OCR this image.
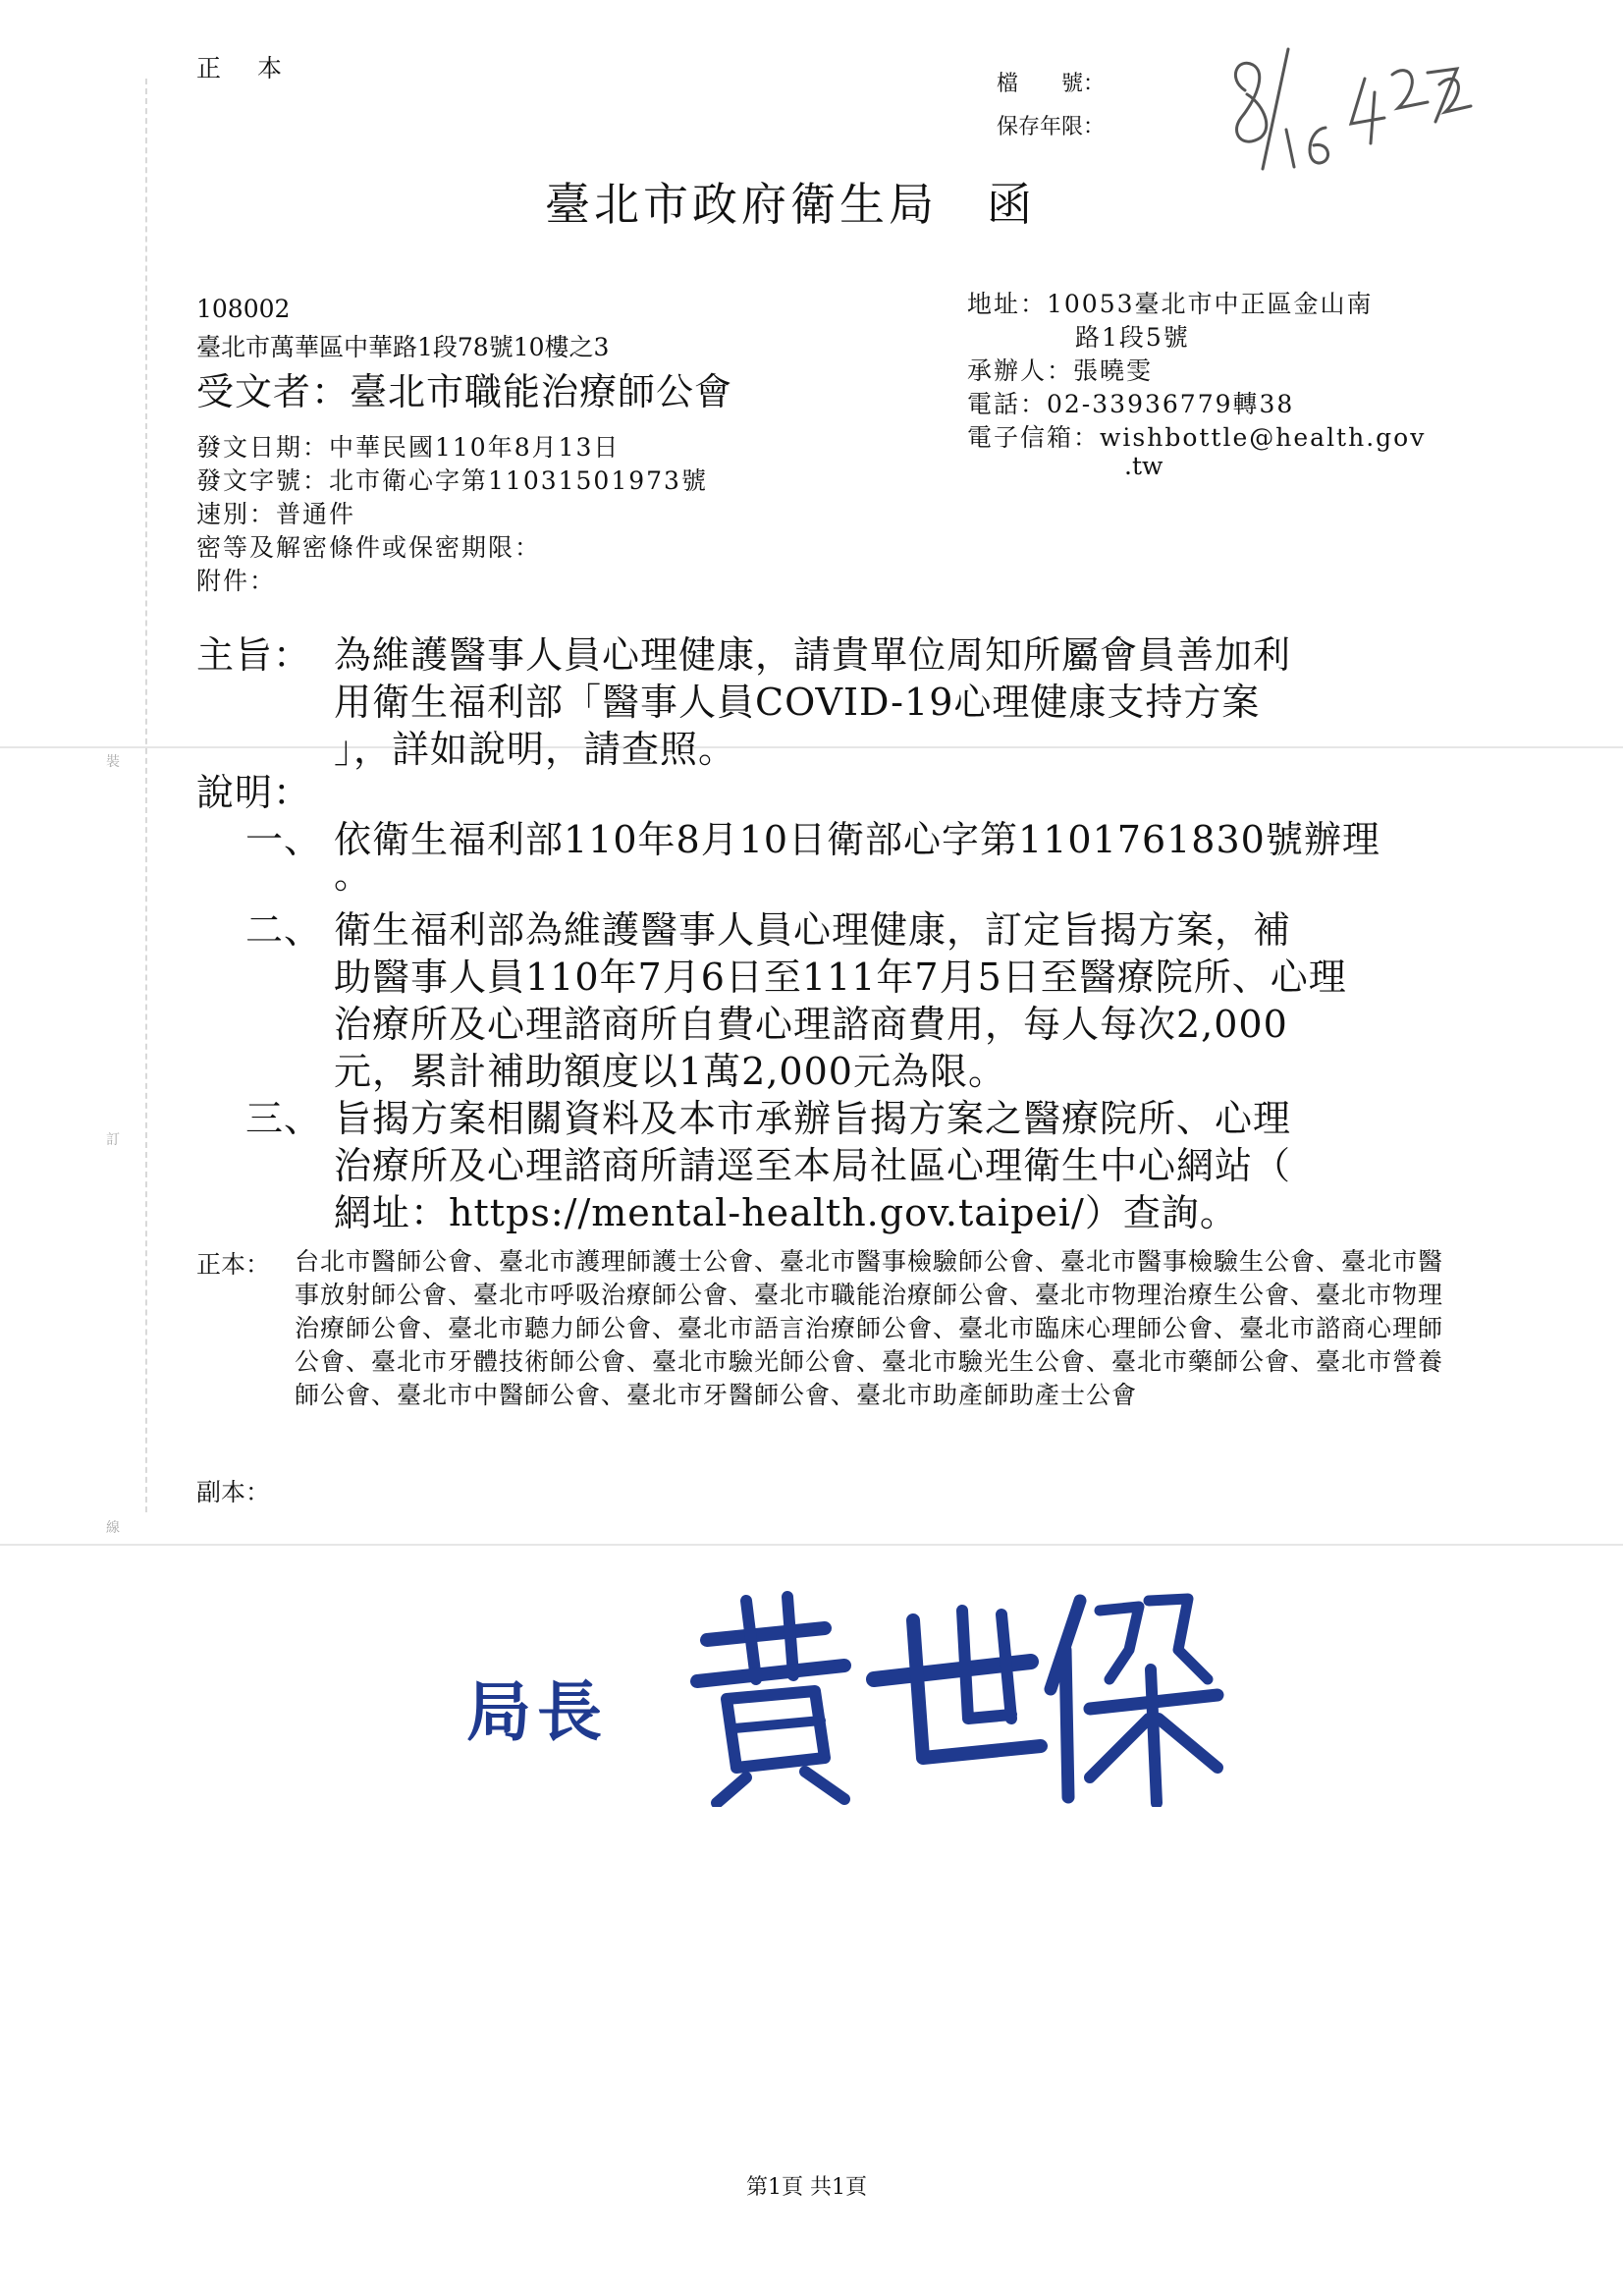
裝
訂
線
正　本
檔　　號：
保存年限：
臺北市政府衛生局　函
108002
臺北市萬華區中華路1段78號10樓之3
受文者：臺北市職能治療師公會
地址：10053臺北市中正區金山南
路1段5號
承辦人：張曉雯
電話：02-33936779轉38
電子信箱：wishbottle@health.gov
.tw
發文日期：中華民國110年8月13日
發文字號：北市衛心字第11031501973號
速別：普通件
密等及解密條件或保密期限：
附件：
主旨： 為維護醫事人員心理健康，請貴單位周知所屬會員善加利
用衛生福利部「醫事人員COVID-19心理健康支持方案
」，詳如說明，請查照。
說明：
一、 依衛生福利部110年8月10日衛部心字第1101761830號辦理
。
二、 衛生福利部為維護醫事人員心理健康，訂定旨揭方案，補
助醫事人員110年7月6日至111年7月5日至醫療院所、心理
治療所及心理諮商所自費心理諮商費用，每人每次2,000
元，累計補助額度以1萬2,000元為限。
三、 旨揭方案相關資料及本市承辦旨揭方案之醫療院所、心理
治療所及心理諮商所請逕至本局社區心理衛生中心網站（
網址：https://mental-health.gov.taipei/）查詢。
正本： 台北市醫師公會、臺北市護理師護士公會、臺北市醫事檢驗師公會、臺北市醫事檢驗生公會、臺北市醫事放射師公會、臺北市呼吸治療師公會、臺北市職能治療師公會、臺北市物理治療生公會、臺北市物理治療師公會、臺北市聽力師公會、臺北市語言治療師公會、臺北市臨床心理師公會、臺北市諮商心理師公會、臺北市牙體技術師公會、臺北市驗光師公會、臺北市驗光生公會、臺北市藥師公會、臺北市營養師公會、臺北市中醫師公會、臺北市牙醫師公會、臺北市助產師助產士公會
副本：
局長
第1頁 共1頁
